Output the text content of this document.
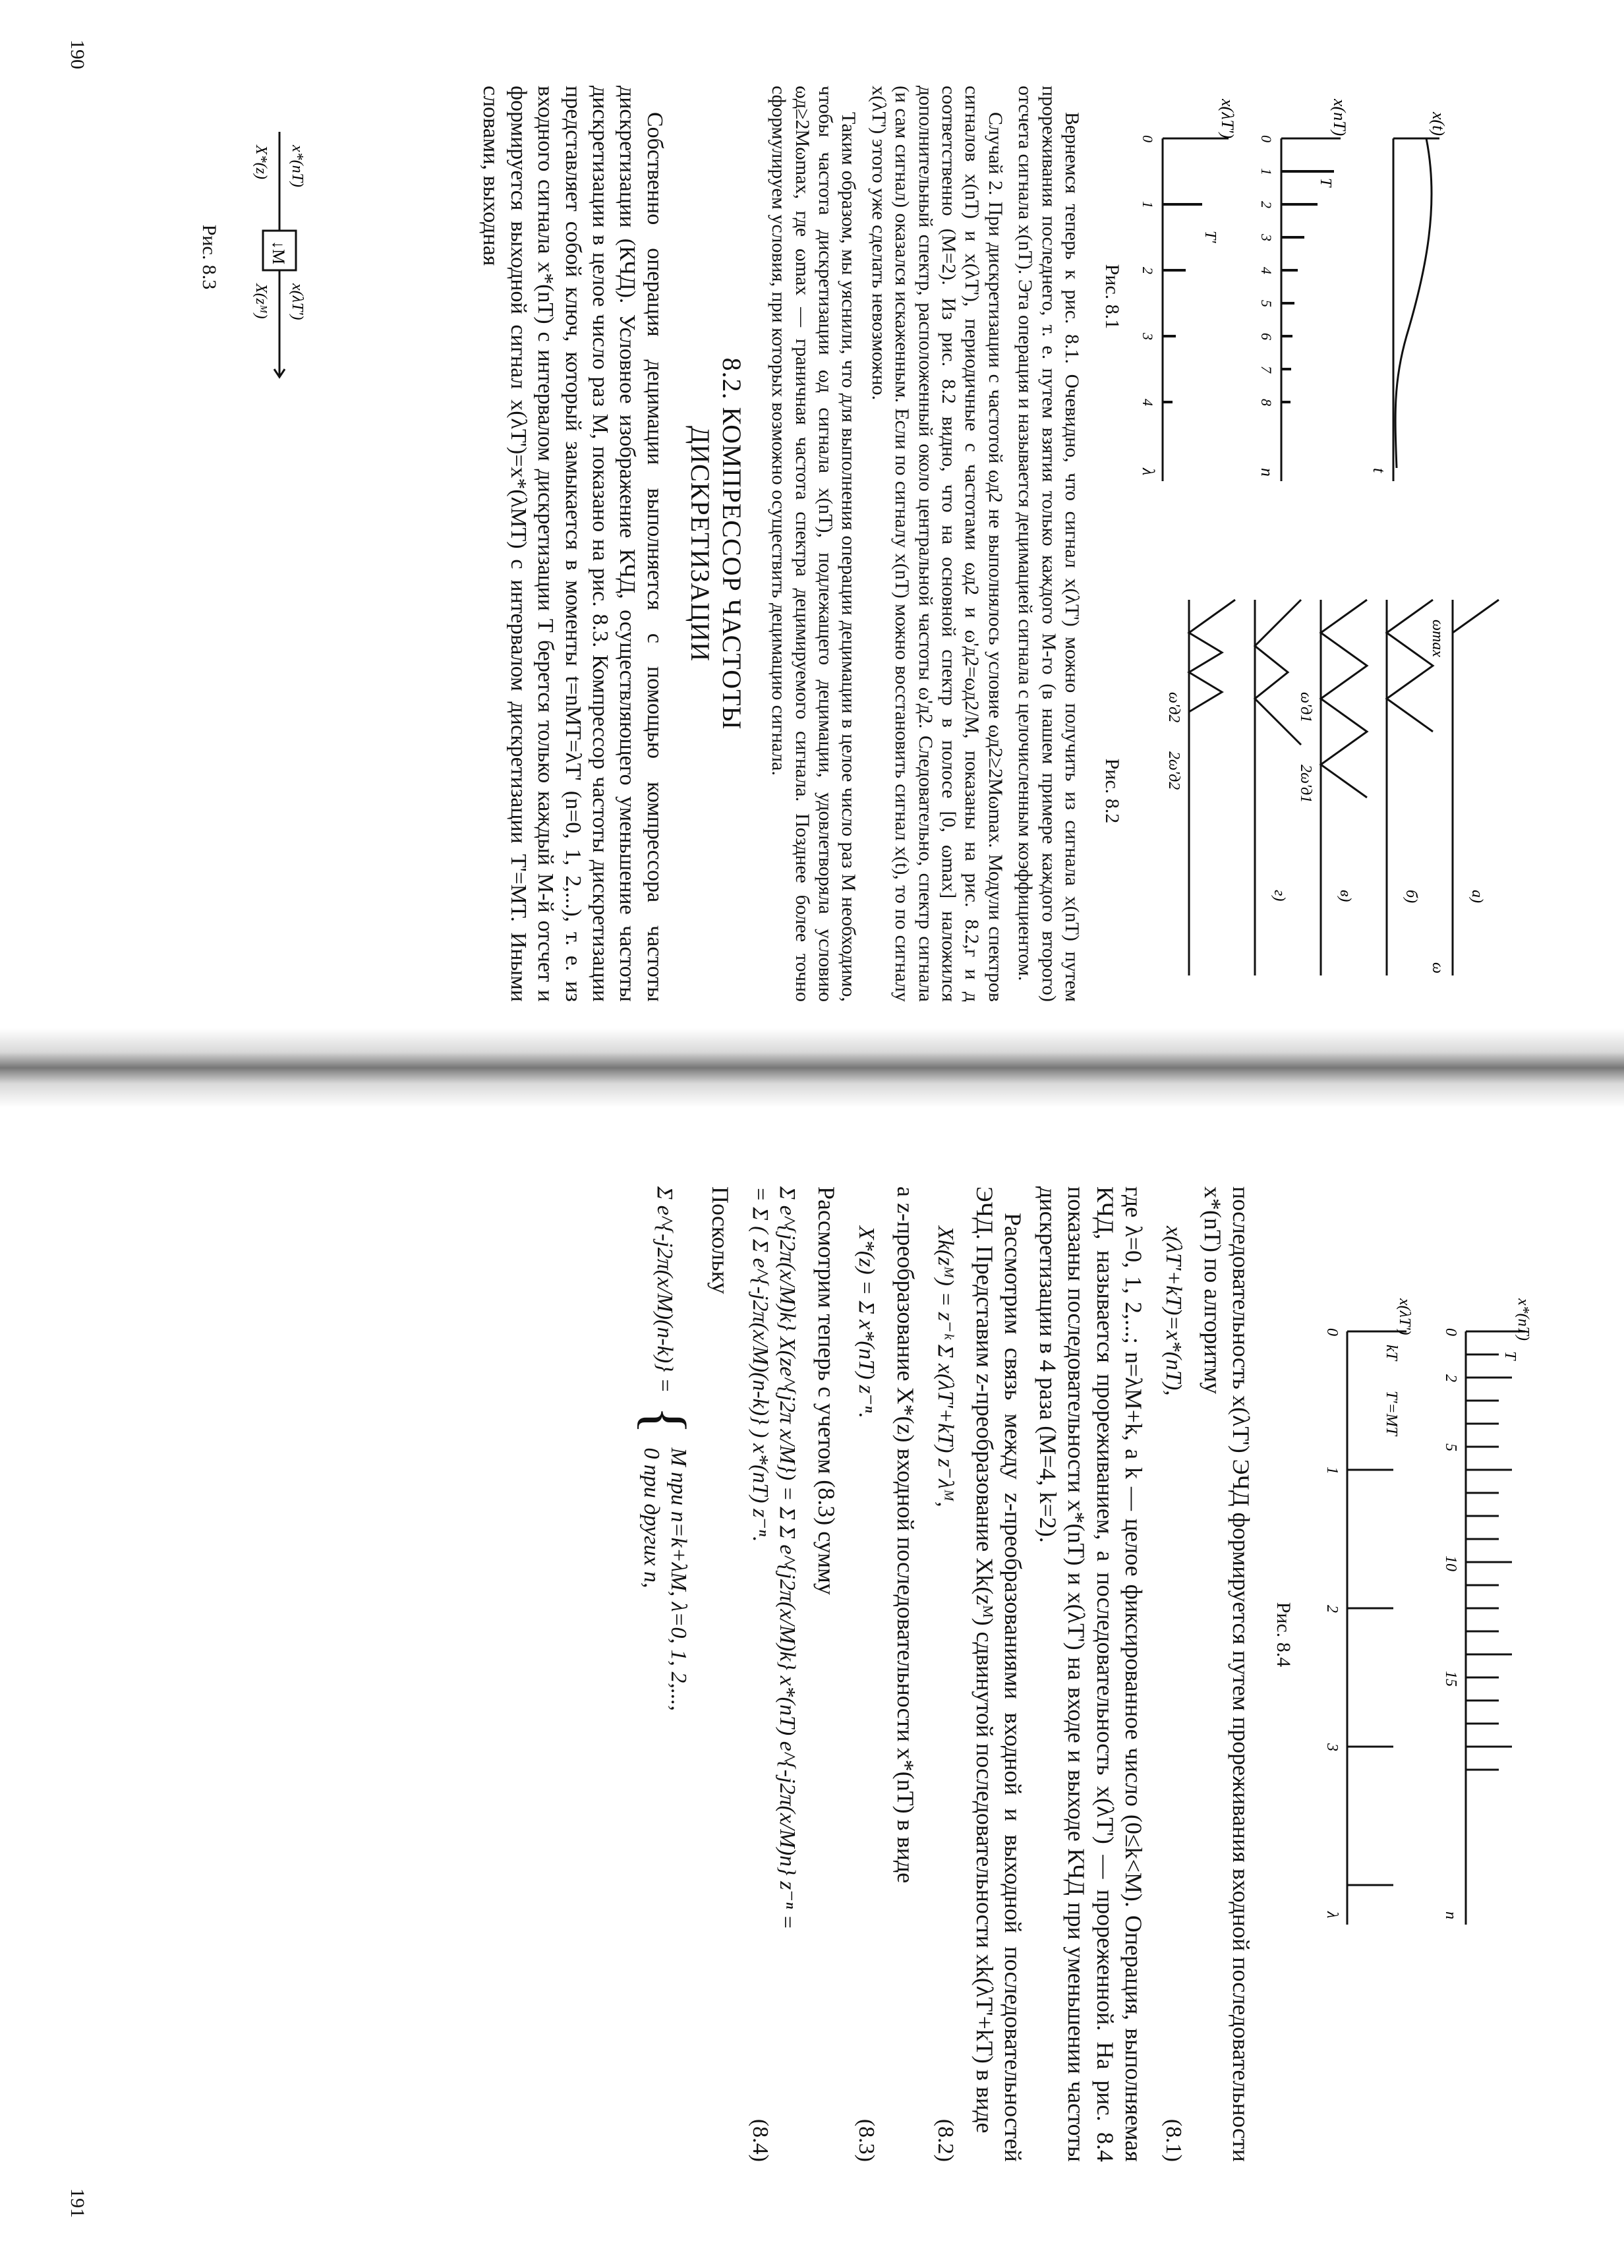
x(t)
t
x(nT)
n
x(λT')
λ
T
T'
0
1
2
3
4
5
6
7
8
0
1
2
3
4
Рис. 8.1
ω
ωmax
а)
б)
в)
г)
ω'д1
2ω'д1
ω'д2
2ω'д2
Рис. 8.2

Вернемся теперь к рис. 8.1. Очевидно, что сигнал x(λT') можно получить из сигнала x(nT) путем прореживания последнего, т. е. путем взятия только каждого M-го (в нашем примере каждого второго) отсчета сигнала x(nT). Эта операция и называется децимацией сигнала с целочисленным коэффициентом.

Случай 2. При дискретизации с частотой ωд2 не выполнялось условие ωд2≥2Mωmax. Модули спектров сигналов x(nT) и x(λT'), периодичные с частотами ωд2 и ω'д2=ωд2/M, показаны на рис. 8.2,г и д соответственно (M=2). Из рис. 8.2 видно, что на основной спектр в полосе [0, ωmax] наложился дополнительный спектр, расположенный около центральной частоты ω'д2. Следовательно, спектр сигнала (и сам сигнал) оказался искаженным. Если по сигналу x(nT) можно восстановить сигнал x(t), то по сигналу x(λT') этого уже сделать невозможно.

Таким образом, мы уяснили, что для выполнения операции децимации в целое число раз M необходимо, чтобы частота дискретизации ωд сигнала x(nT), подлежащего децимации, удовлетворяла условию ωд≥2Mωmax, где ωmax — граничная частота спектра децимируемого сигнала. Позднее более точно сформулируем условия, при которых возможно осуществить децимацию сигнала.

8.2. КОМПРЕССОР ЧАСТОТЫ
ДИСКРЕТИЗАЦИИ

Собственно операция децимации выполняется с помощью компрессора частоты дискретизации (КЧД). Условное изображение КЧД, осуществляющего уменьшение частоты дискретизации в целое число раз M, показано на рис. 8.3. Компрессор частоты дискретизации представляет собой ключ, который замыкается в моменты t=nMT=λT' (n=0, 1, 2,...), т. е. из входного сигнала x*(nT) с интервалом дискретизации T берется только каждый M-й отсчет и формируется выходной сигнал x(λT')=x*(λMT) с интервалом дискретизации T'=MT. Иными словами, выходная

↓M
x*(nT)
X*(z)
x(λT')
X(zᴹ)
Рис. 8.3
190
x*(nT)
x(λT')
n
λ
T
kT
T'=MT
0
2
5
10
15
0
1
2
3
Рис. 8.4

последовательность x(λT') ЭЧД формируется путем прореживания входной последовательности x*(nT) по алгоритму

x(λT'+kT)=x*(nT),
(8.1)

где λ=0, 1, 2,...; n=λM+k, а k — целое фиксированное число (0≤k<M). Операция, выполняемая КЧД, называется прореживанием, а последовательность x(λT') — прореженной. На рис. 8.4 показаны последовательности x*(nT) и x(λT') на входе и выходе КЧД при уменьшении частоты дискретизации в 4 раза (M=4, k=2).

Рассмотрим связь между z-преобразованиями входной и выходной последовательностей ЭЧД. Представим z-преобразование Xk(zᴹ) сдвинутой последовательности xk(λT'+kT) в виде

Xk(zᴹ) = z⁻ᵏ Σ x(λT'+kT) z⁻λᴹ,
(8.2)

а z-преобразование X*(z) входной последовательности x*(nT) в виде

X*(z) = Σ x*(nT) z⁻ⁿ.
(8.3)

Рассмотрим теперь с учетом (8.3) сумму

Σ e^{j2π(x/M)k} X(ze^{j2π x/M}) = Σ Σ e^{j2π(x/M)k} x*(nT) e^{-j2π(x/M)n} z⁻ⁿ =
= Σ ( Σ e^{-j2π(x/M)(n-k)} ) x*(nT) z⁻ⁿ.
(8.4)

Поскольку

Σ e^{-j2π(x/M)(n-k)} =
{
M при n=k+λM, λ=0, 1, 2,...,
0 при других n,
191
